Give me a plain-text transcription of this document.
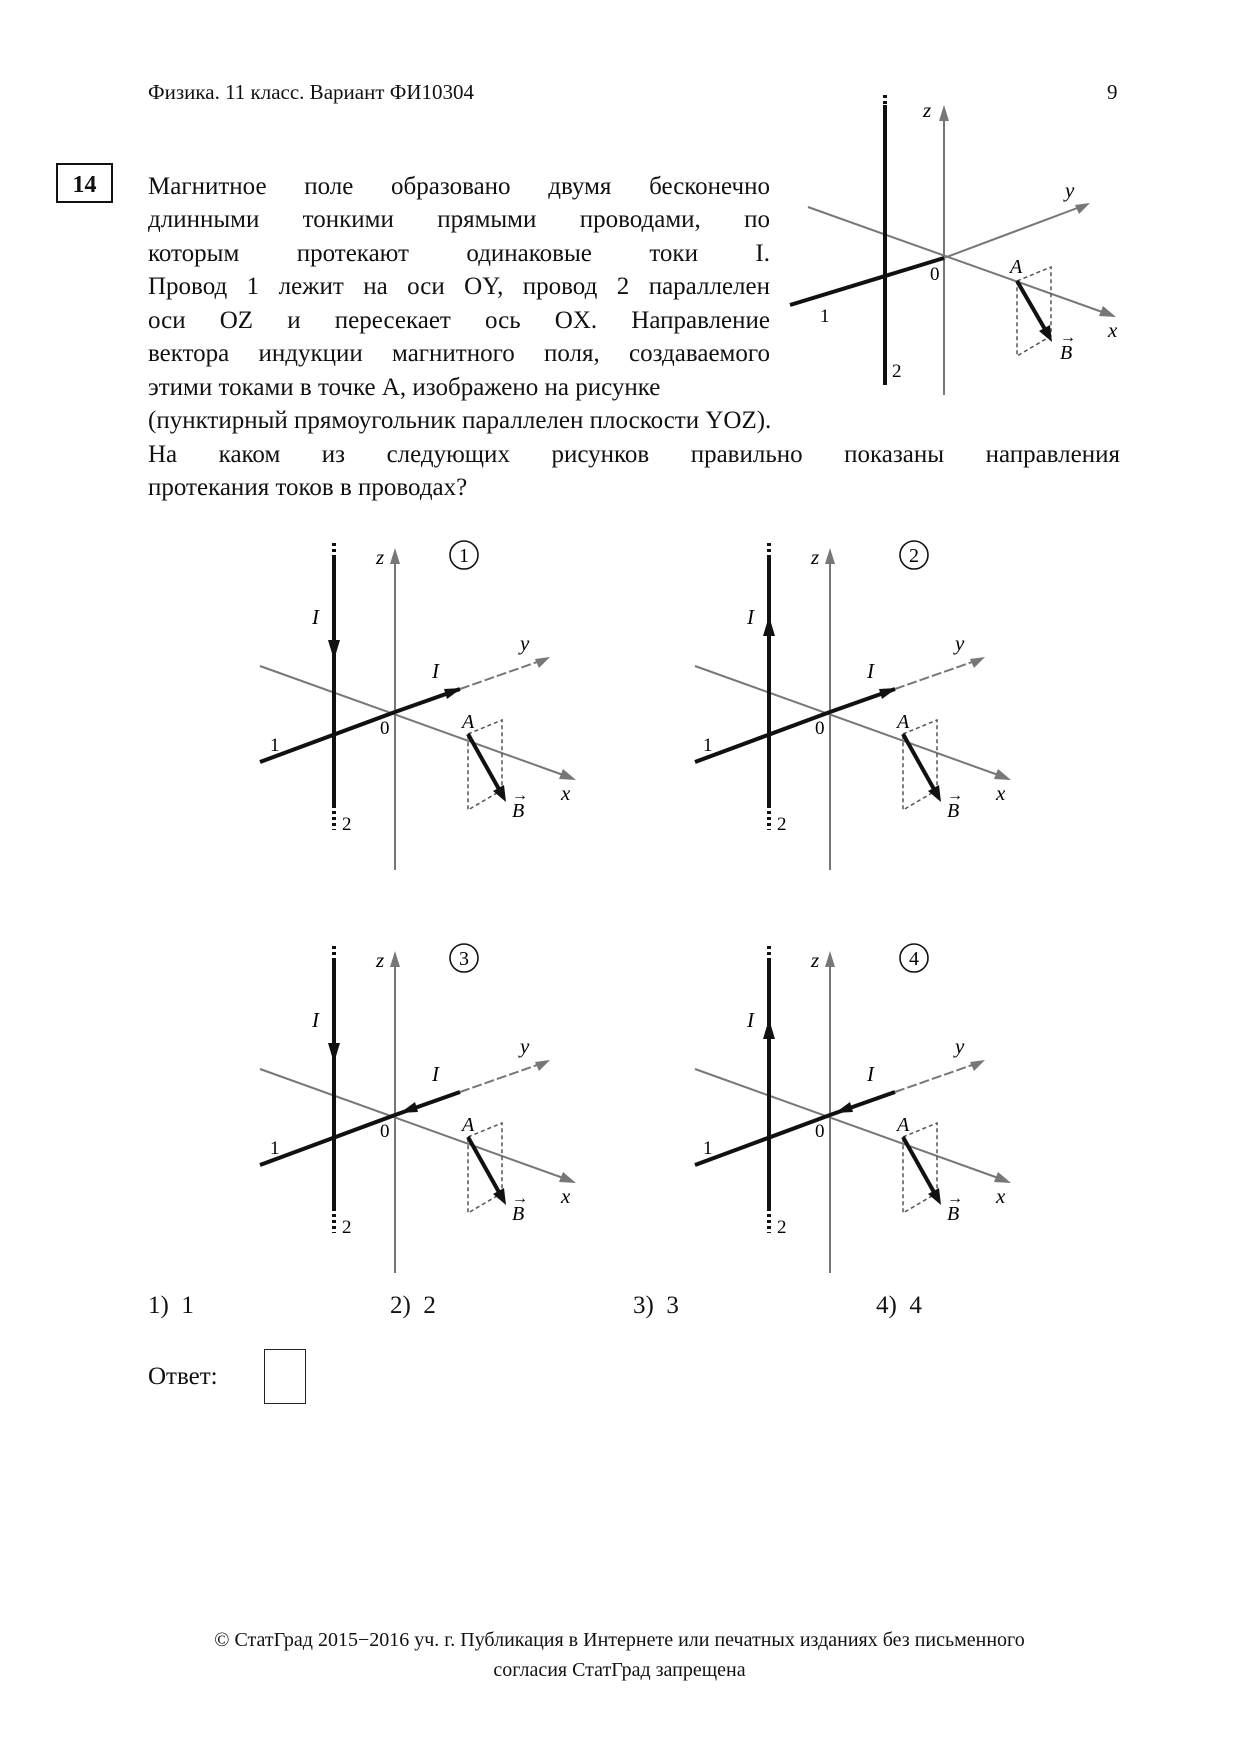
Физика. 11 класс. Вариант ФИ10304	9
14	Магнитное поле образовано двумя бесконечно
длинными тонкими прямыми проводами, по
которым протекают одинаковые токи I.
Провод 1 лежит на оси OY, провод 2 параллелен
оси OZ и пересекает ось OX. Направление
вектора индукции магнитного поля, создаваемого
этими токами в точке A, изображено на рисунке
(пунктирный прямоугольник параллелен плоскости YOZ).
На каком из следующих рисунков правильно показаны направления
протекания токов в проводах?
z
x
y
0
1
2
A
B
→
1
z
x
y
I
0
1
I
2
A
B
→
2
z
x
y
I
0
1
I
2
A
B
→
3
z
x
y
I
0
1
I
2
A
B
→
4
z
x
y
I
0
1
I
2
A
B
→
1) 1	2) 2	3) 3	4) 4
Ответ:
© СтатГрад 2015−2016 уч. г. Публикация в Интернете или печатных изданиях без письменного
согласия СтатГрад запрещена
